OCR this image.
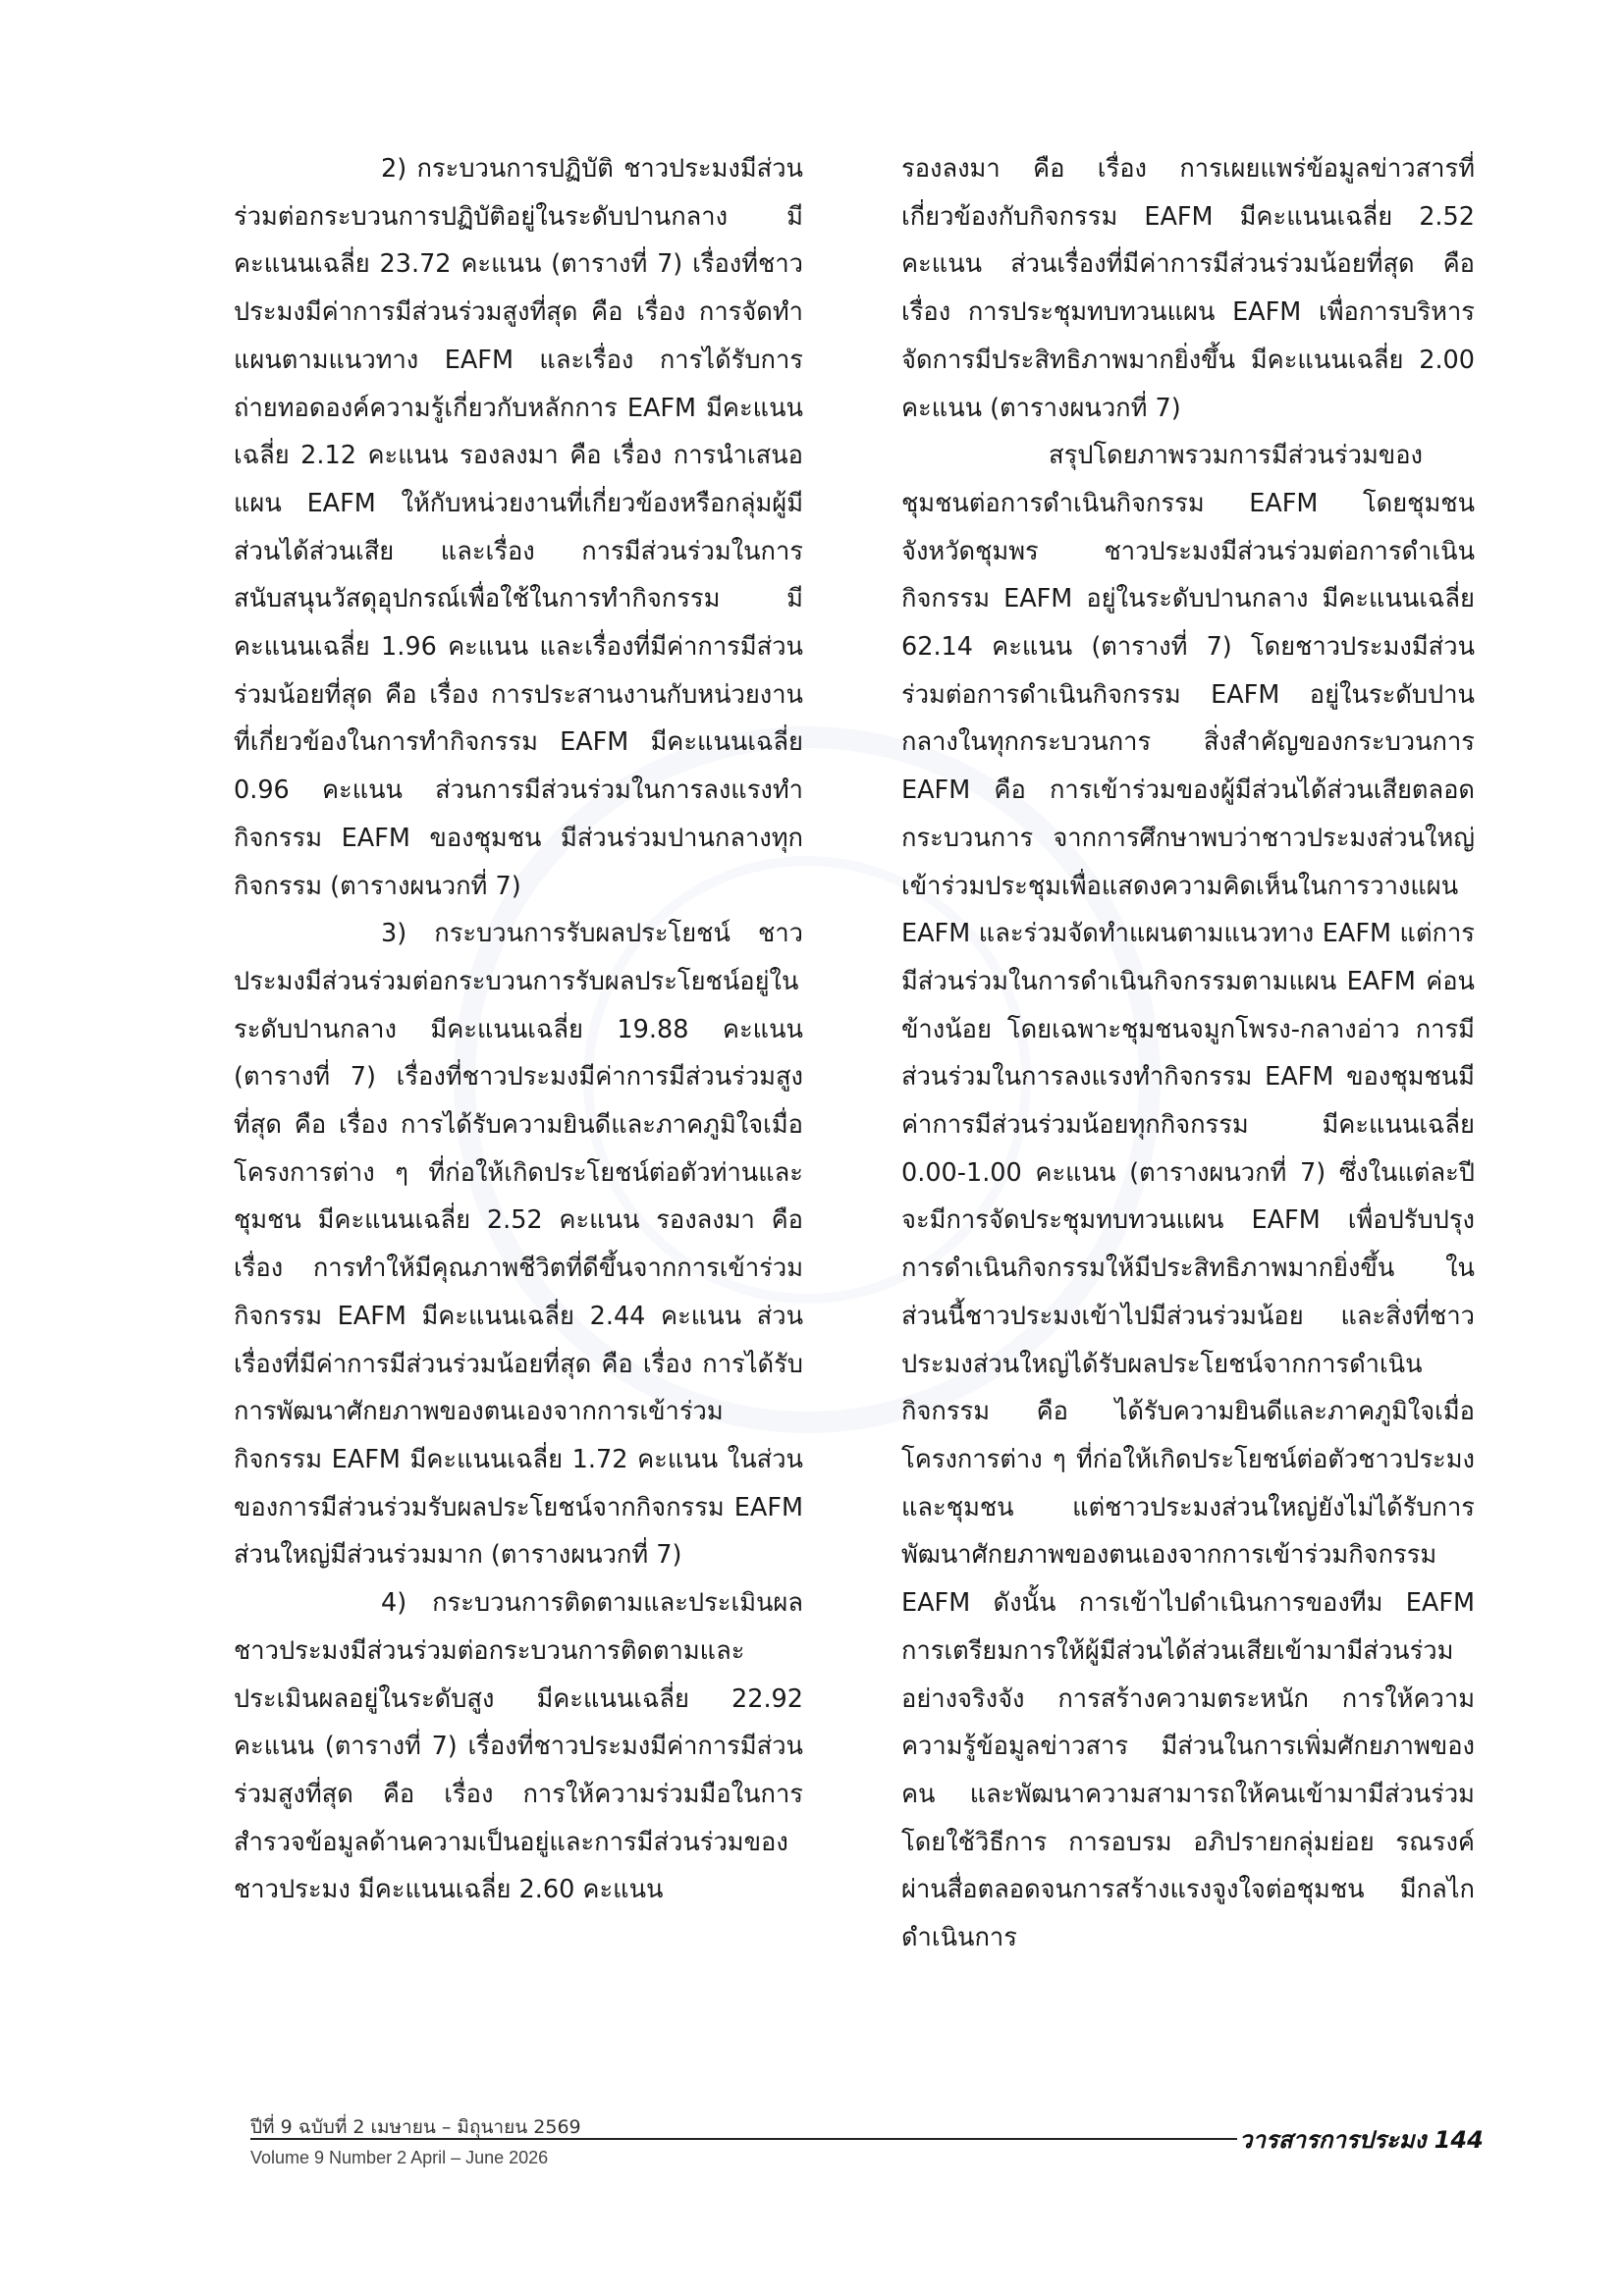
2) กระบวนการปฏิบัติ ชาวประมงมีส่วนร่วมต่อกระบวนการปฏิบัติอยู่ในระดับปานกลาง มีคะแนนเฉลี่ย 23.72 คะแนน (ตารางที่ 7) เรื่องที่ชาวประมงมีค่าการมีส่วนร่วมสูงที่สุด คือ เรื่อง การจัดทำแผนตามแนวทาง EAFM และเรื่อง การได้รับการถ่ายทอดองค์ความรู้เกี่ยวกับหลักการ EAFM มีคะแนนเฉลี่ย 2.12 คะแนน รองลงมา คือ เรื่อง การนำเสนอแผน EAFM ให้กับหน่วยงานที่เกี่ยวข้องหรือกลุ่มผู้มีส่วนได้ส่วนเสีย และเรื่อง การมีส่วนร่วมในการสนับสนุนวัสดุอุปกรณ์เพื่อใช้ในการทำกิจกรรม มีคะแนนเฉลี่ย 1.96 คะแนน และเรื่องที่มีค่าการมีส่วนร่วมน้อยที่สุด คือ เรื่อง การประสานงานกับหน่วยงานที่เกี่ยวข้องในการทำกิจกรรม EAFM มีคะแนนเฉลี่ย 0.96 คะแนน ส่วนการมีส่วนร่วมในการลงแรงทำกิจกรรม EAFM ของชุมชน มีส่วนร่วมปานกลางทุกกิจกรรม (ตารางผนวกที่ 7)

3) กระบวนการรับผลประโยชน์ ชาวประมงมีส่วนร่วมต่อกระบวนการรับผลประโยชน์อยู่ในระดับปานกลาง มีคะแนนเฉลี่ย 19.88 คะแนน (ตารางที่ 7) เรื่องที่ชาวประมงมีค่าการมีส่วนร่วมสูงที่สุด คือ เรื่อง การได้รับความยินดีและภาคภูมิใจเมื่อโครงการต่าง ๆ ที่ก่อให้เกิดประโยชน์ต่อตัวท่านและชุมชน มีคะแนนเฉลี่ย 2.52 คะแนน รองลงมา คือ เรื่อง การทำให้มีคุณภาพชีวิตที่ดีขึ้นจากการเข้าร่วมกิจกรรม EAFM มีคะแนนเฉลี่ย 2.44 คะแนน ส่วนเรื่องที่มีค่าการมีส่วนร่วมน้อยที่สุด คือ เรื่อง การได้รับการพัฒนาศักยภาพของตนเองจากการเข้าร่วมกิจกรรม EAFM มีคะแนนเฉลี่ย 1.72 คะแนน ในส่วนของการมีส่วนร่วมรับผลประโยชน์จากกิจกรรม EAFM ส่วนใหญ่มีส่วนร่วมมาก (ตารางผนวกที่ 7)

4) กระบวนการติดตามและประเมินผล ชาวประมงมีส่วนร่วมต่อกระบวนการติดตามและประเมินผลอยู่ในระดับสูง มีคะแนนเฉลี่ย 22.92 คะแนน (ตารางที่ 7) เรื่องที่ชาวประมงมีค่าการมีส่วนร่วมสูงที่สุด คือ เรื่อง การให้ความร่วมมือในการสำรวจข้อมูลด้านความเป็นอยู่และการมีส่วนร่วมของชาวประมง มีคะแนนเฉลี่ย 2.60 คะแนน

รองลงมา คือ เรื่อง การเผยแพร่ข้อมูลข่าวสารที่เกี่ยวข้องกับกิจกรรม EAFM มีคะแนนเฉลี่ย 2.52 คะแนน ส่วนเรื่องที่มีค่าการมีส่วนร่วมน้อยที่สุด คือ เรื่อง การประชุมทบทวนแผน EAFM เพื่อการบริหารจัดการมีประสิทธิภาพมากยิ่งขึ้น มีคะแนนเฉลี่ย 2.00 คะแนน (ตารางผนวกที่ 7)

สรุปโดยภาพรวมการมีส่วนร่วมของชุมชนต่อการดำเนินกิจกรรม EAFM โดยชุมชนจังหวัดชุมพร ชาวประมงมีส่วนร่วมต่อการดำเนินกิจกรรม EAFM อยู่ในระดับปานกลาง มีคะแนนเฉลี่ย 62.14 คะแนน (ตารางที่ 7) โดยชาวประมงมีส่วนร่วมต่อการดำเนินกิจกรรม EAFM อยู่ในระดับปานกลางในทุกกระบวนการ สิ่งสำคัญของกระบวนการ EAFM คือ การเข้าร่วมของผู้มีส่วนได้ส่วนเสียตลอดกระบวนการ จากการศึกษาพบว่าชาวประมงส่วนใหญ่เข้าร่วมประชุมเพื่อแสดงความคิดเห็นในการวางแผน EAFM และร่วมจัดทำแผนตามแนวทาง EAFM แต่การมีส่วนร่วมในการดำเนินกิจกรรมตามแผน EAFM ค่อนข้างน้อย โดยเฉพาะชุมชนจมูกโพรง-กลางอ่าว การมีส่วนร่วมในการลงแรงทำกิจกรรม EAFM ของชุมชนมีค่าการมีส่วนร่วมน้อยทุกกิจกรรม มีคะแนนเฉลี่ย 0.00-1.00 คะแนน (ตารางผนวกที่ 7) ซึ่งในแต่ละปีจะมีการจัดประชุมทบทวนแผน EAFM เพื่อปรับปรุงการดำเนินกิจกรรมให้มีประสิทธิภาพมากยิ่งขึ้น ในส่วนนี้ชาวประมงเข้าไปมีส่วนร่วมน้อย และสิ่งที่ชาวประมงส่วนใหญ่ได้รับผลประโยชน์จากการดำเนินกิจกรรม คือ ได้รับความยินดีและภาคภูมิใจเมื่อโครงการต่าง ๆ ที่ก่อให้เกิดประโยชน์ต่อตัวชาวประมงและชุมชน แต่ชาวประมงส่วนใหญ่ยังไม่ได้รับการพัฒนาศักยภาพของตนเองจากการเข้าร่วมกิจกรรม EAFM ดังนั้น การเข้าไปดำเนินการของทีม EAFM การเตรียมการให้ผู้มีส่วนได้ส่วนเสียเข้ามามีส่วนร่วมอย่างจริงจัง การสร้างความตระหนัก การให้ความความรู้ข้อมูลข่าวสาร มีส่วนในการเพิ่มศักยภาพของคน และพัฒนาความสามารถให้คนเข้ามามีส่วนร่วม โดยใช้วิธีการ การอบรม อภิปรายกลุ่มย่อย รณรงค์ผ่านสื่อตลอดจนการสร้างแรงจูงใจต่อชุมชน มีกลไกดำเนินการ

ปีที่ 9 ฉบับที่ 2 เมษายน – มิถุนายน 2569
Volume 9 Number 2 April – June 2026
วารสารการประมง 144
